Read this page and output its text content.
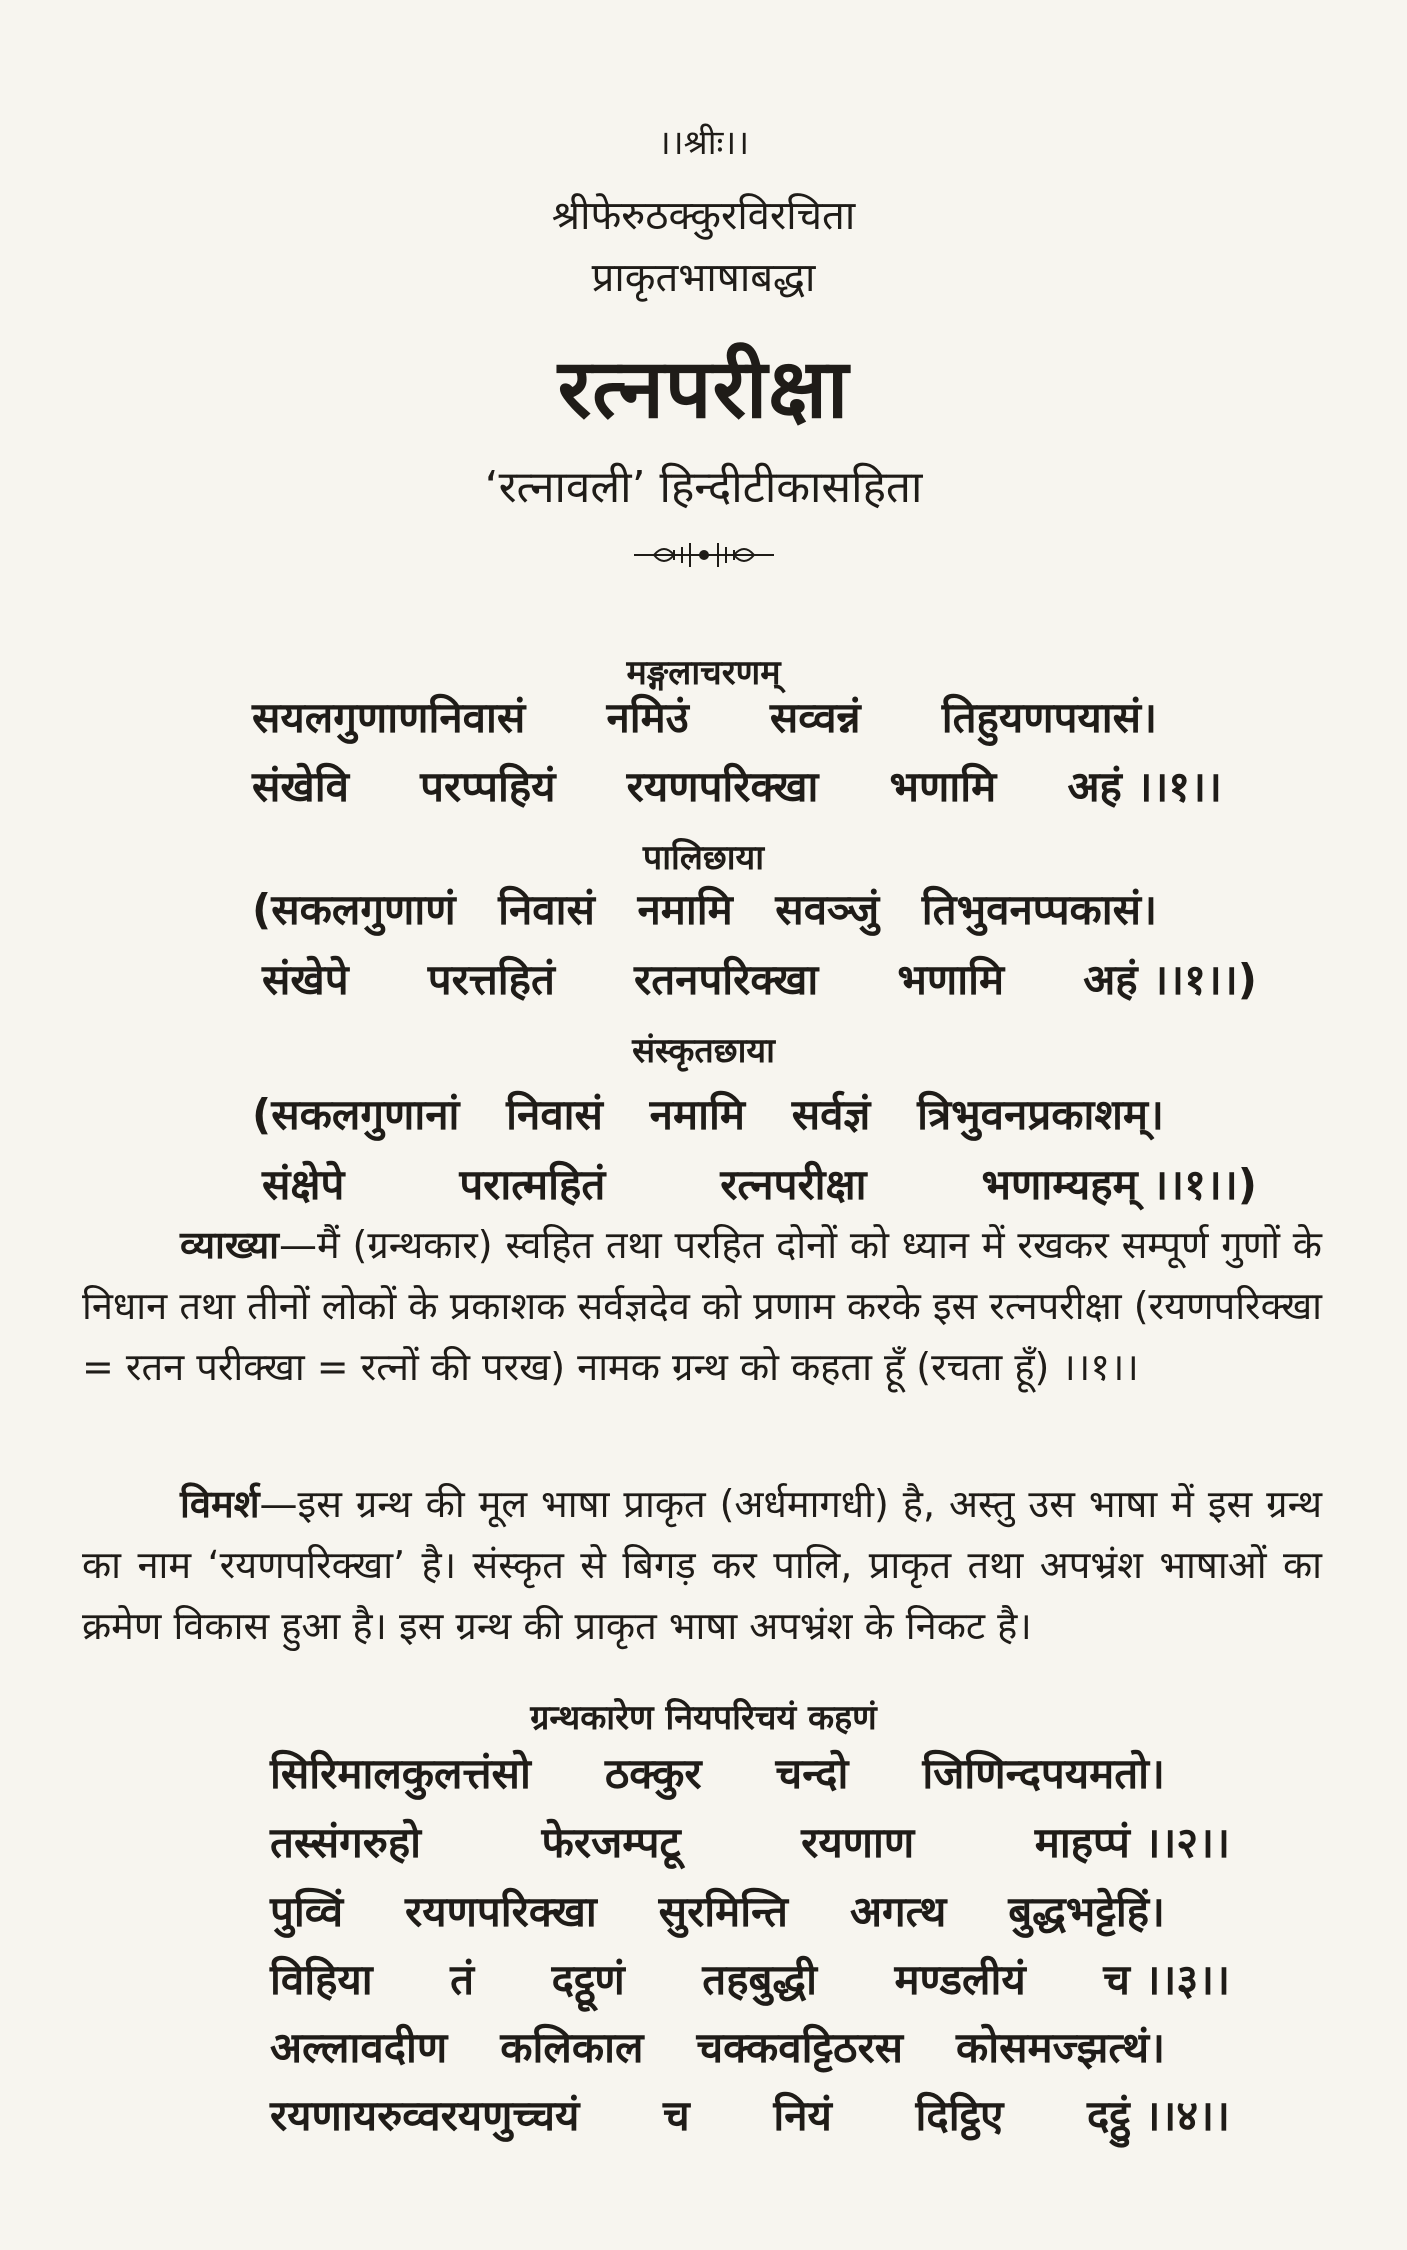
।।श्रीः।।
श्रीफेरुठक्कुरविरचिता
प्राकृतभाषाबद्धा
रत्नपरीक्षा
‘रत्नावली’ हिन्दीटीकासहिता
मङ्गलाचरणम्
सयलगुणाणनिवासं नमिउं सव्वन्नं तिहुयणपयासं।
संखेवि परप्पहियं रयणपरिक्खा भणामि अहं ।।१।।
पालिछाया
(सकलगुणाणं निवासं नमामि सवञ्जुं तिभुवनप्पकासं।
संखेपे परत्तहितं रतनपरिक्खा भणामि अहं ।।१।।)
संस्कृतछाया
(सकलगुणानां निवासं नमामि सर्वज्ञं त्रिभुवनप्रकाशम्।
संक्षेपे	परात्महितं	रत्नपरीक्षा	भणाम्यहम् ।।१।।)
व्याख्या—मैं (ग्रन्थकार) स्वहित तथा परहित दोनों को ध्यान में रखकर सम्पूर्ण गुणों के निधान तथा तीनों लोकों के प्रकाशक सर्वज्ञदेव को प्रणाम करके इस रत्नपरीक्षा (रयणपरिक्खा = रतन परीक्खा = रत्नों की परख) नामक ग्रन्थ को कहता हूँ (रचता हूँ) ।।१।।
विमर्श—इस ग्रन्थ की मूल भाषा प्राकृत (अर्धमागधी) है, अस्तु उस भाषा में इस ग्रन्थ का नाम ‘रयणपरिक्खा’ है। संस्कृत से बिगड़ कर पालि, प्राकृत तथा अपभ्रंश भाषाओं का क्रमेण विकास हुआ है। इस ग्रन्थ की प्राकृत भाषा अपभ्रंश के निकट है।
ग्रन्थकारेण नियपरिचयं कहणं
सिरिमालकुलत्तंसो ठक्कुर चन्दो जिणिन्दपयमतो।
तस्संगरुहो	फेरजम्पटू	रयणाण	माहप्पं ।।२।।
पुव्विं रयणपरिक्खा सुरमिन्ति अगत्थ बुद्धभट्टेहिं।
विहिया तं दट्ठूणं तहबुद्धी मण्डलीयं च ।।३।।
अल्लावदीण कलिकाल चक्कवट्टिठरस कोसमज्झत्थं।
रयणायरुव्वरयणुच्चयं च नियं दिट्ठिए दट्ठुं ।।४।।
